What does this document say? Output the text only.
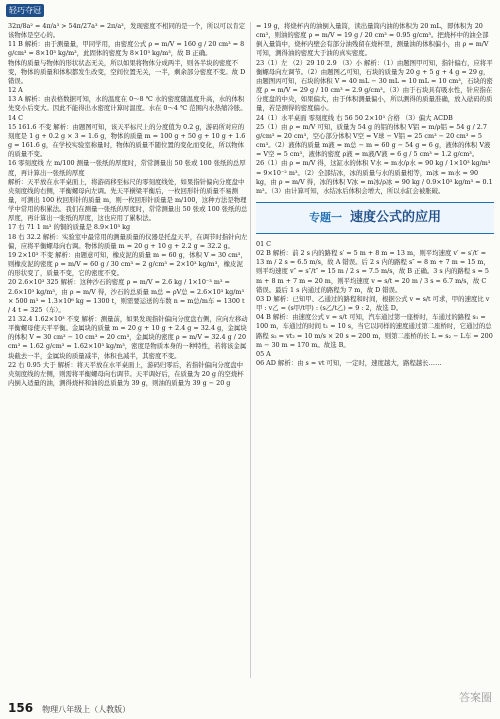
轻巧夺冠

32π/8a² = 4π/a³ > 54π/27a³ = 2π/a³，发现密度不相同的是一个，所以可以肯定该物体是空心的。

11 B 解析：由于测量量，甲同学用，由密度公式 ρ = m/V = 160 g / 20 cm³ = 8 g/cm³ = 8×10³ kg/m³，此固体的密度为 8×10³ kg/m³，故 B 正确。

物体的质量与物体的形状状态无关，所以如果将物体分成两半，则各半块的密度不变，物体的质量和体积都发生改变，空间位置无关，一半，剩余部分密度不变。故 D 错误。

12 A

13 A 解析：由表格数据可知，水的温度在 0～8 ℃ 水的密度随温度升高，水的体积先变小后变大。因此不能得出水密度计算时温度。水在 0～4 ℃ 范围内水热缩冷胀。

14 C

15 161.6 不变 解析：由题图可知，该天平标尺上的分度值为 0.2 g，游码所对应的刻度是 1 g + 0.2 g × 3 = 1.6 g，物体的质量 m = 100 g + 50 g + 10 g + 1.6 g = 161.6 g，在学校实验室称量时，物体的质量不随位置的变化而变化，所以物体的质量不变。

16 零刻度线 左 m/100 测量一张纸的厚度时，常常测量出 50 张或 100 张纸的总厚度，再计算出一张纸的厚度

解析：天平放在水平桌面上，将游码移至标尺的零刻度线处，如果指针偏向分度盘中央刻度线的右侧，平衡螺母向左调。先天平横梁平衡后，一枚回形针的质量不易测量，可测出 100 枚回形针的质量 m，则一枚回形针质量是 m/100，这种方法是物理学中常用的积累法。我们在测量一张纸的厚度时，常常测量出 50 张或 100 张纸的总厚度，再计算出一张纸的厚度，这也应用了累积法。

17 右 71 1 m³ 的铜的质量是 8.9×10³ kg

18 右 32.2 解析：实验室中最常用的测量质量的仪器是托盘天平，在调节时指针向左偏，应将平衡螺母向右调。物体的质量 m = 20 g + 10 g + 2.2 g = 32.2 g。

19 2×10³ 不变 解析：由题意可知，橡皮泥的质量 m = 60 g，体积 V = 30 cm³，则橡皮泥的密度 ρ = m/V = 60 g / 30 cm³ = 2 g/cm³ = 2×10³ kg/m³，橡皮泥的形状变了，质量不变，它的密度不变。

20 2.6×10³ 325 解析：这种沙石的密度 ρ = m/V = 2.6 kg / 1×10⁻³ m³ = 2.6×10³ kg/m³，由 ρ = m/V 得，沙石的总质量 m总 = ρV总 = 2.6×10³ kg/m³ × 500 m³ = 1.3×10⁶ kg = 1300 t，则需要运送的车数 n = m总/m车 = 1300 t / 4 t = 325（车）。

21 32.4 1.62×10³ 不变 解析：测量前，如果发现指针偏向分度盘右侧，应向左移动平衡螺母使天平平衡。金属块的质量 m = 20 g + 10 g + 2.4 g = 32.4 g，金属块的体积 V = 30 cm³ − 10 cm³ = 20 cm³，金属块的密度 ρ = m/V = 32.4 g / 20 cm³ = 1.62 g/cm³ = 1.62×10³ kg/m³，密度是物质本身的一种特性，若将该金属块截去一半，金属块的质量减半，体积也减半，其密度不变。

22 右 0.95 大于 解析：将天平放在水平桌面上，游码归零后，若指针偏向分度盘中央刻度线的左侧，则需将平衡螺母向右调节。天平调好后，在质量为 20 g 的空烧杯内倒入适量的油，测得烧杯和油的总质量为 39 g，则油的质量为 39 g − 20 g

= 19 g，将烧杯内的油倒入量筒，读出量筒内油的体积为 20 mL，即体积为 20 cm³，则油的密度 ρ = m/V = 19 g / 20 cm³ = 0.95 g/cm³。把烧杯中的油全部倒入量筒中，烧杯内壁会有部分油残留在烧杯里，测量油的体积偏小，由 ρ = m/V 可知，测得油的密度大于油的真实密度。

23（1）左 （2）29 10 2.9 （3）小 解析：（1）由题图甲可知，指针偏右，应将平衡螺母向左调节。（2）由题图乙可知，石块的质量为 20 g + 5 g + 4 g = 29 g，由题图丙可知，石块的体积 V = 40 mL − 30 mL = 10 mL = 10 cm³，石块的密度 ρ = m/V = 29 g / 10 cm³ = 2.9 g/cm³。（3）由于石块具有吸水性，针应指在分度盘的中央，如果偏大，由于体积测量偏小，所以测得的质量准确，放入砝码的质量，若是测得的密度偏小。

24（1）水平桌面 零刻度线 右 56 50 2×10³ 合格 （3）偏大 ACDB

25（1）由 ρ = m/V 可知，质量为 54 g 的铝的体积 V铝 = m/ρ铝 = 54 g / 2.7 g/cm³ = 20 cm³，空心部分体积 V空 = V球 − V铝 = 25 cm³ − 20 cm³ = 5 cm³。（2）液体的质量 m液 = m总 − m = 60 g − 54 g = 6 g，液体的体积 V液 = V空 = 5 cm³，液体的密度 ρ液 = m液/V液 = 6 g / 5 cm³ = 1.2 g/cm³。

26（1）由 ρ = m/V 得，这缸水的体积 V水 = m水/ρ水 = 90 kg / 1×10³ kg/m³ = 9×10⁻² m³。（2）全部结冰，冰的质量与水的质量相等，m冰 = m水 = 90 kg，由 ρ = m/V 得，冰的体积 V冰 = m冰/ρ冰 = 90 kg / 0.9×10³ kg/m³ = 0.1 m³。（3）由计算可知，水结冰后体积会增大，所以水缸会被胀破。

专题一 速度公式的应用

01 C

02 B 解析：前 2 s 内的路程 s′ = 5 m + 8 m = 13 m，则平均速度 v′ = s′/t′ = 13 m / 2 s = 6.5 m/s，故 A 错误。后 2 s 内的路程 s″ = 8 m + 7 m = 15 m，则平均速度 v″ = s″/t″ = 15 m / 2 s = 7.5 m/s，故 B 正确。3 s 内的路程 s = 5 m + 8 m + 7 m = 20 m，则平均速度 v = s/t = 20 m / 3 s ≈ 6.7 m/s，故 C 错误。最后 1 s 内通过的路程为 7 m，故 D 错误。

03 D 解析：已知甲、乙通过的路程和时间，根据公式 v = s/t 可求，甲的速度比 v甲 : v乙 = (s甲/t甲) : (s乙/t乙) = 9 : 2，故选 D。

04 B 解析：由速度公式 v = s/t 可知，汽车通过第一座桥时，车通过的路程 s₁ = 100 m，车通过的时间 t₁ = 10 s，当它以同样的速度通过第二座桥时，它通过的总路程 s₂ = vt₂ = 10 m/s × 20 s = 200 m，则第二座桥的长 L = s₂ − L车 = 200 m − 30 m = 170 m。故选 B。

05 A

06 AD 解析：由 s = vt 可知，一定时，速度越大，路程越长……

156 物理八年级上（人教版）
答案圈
